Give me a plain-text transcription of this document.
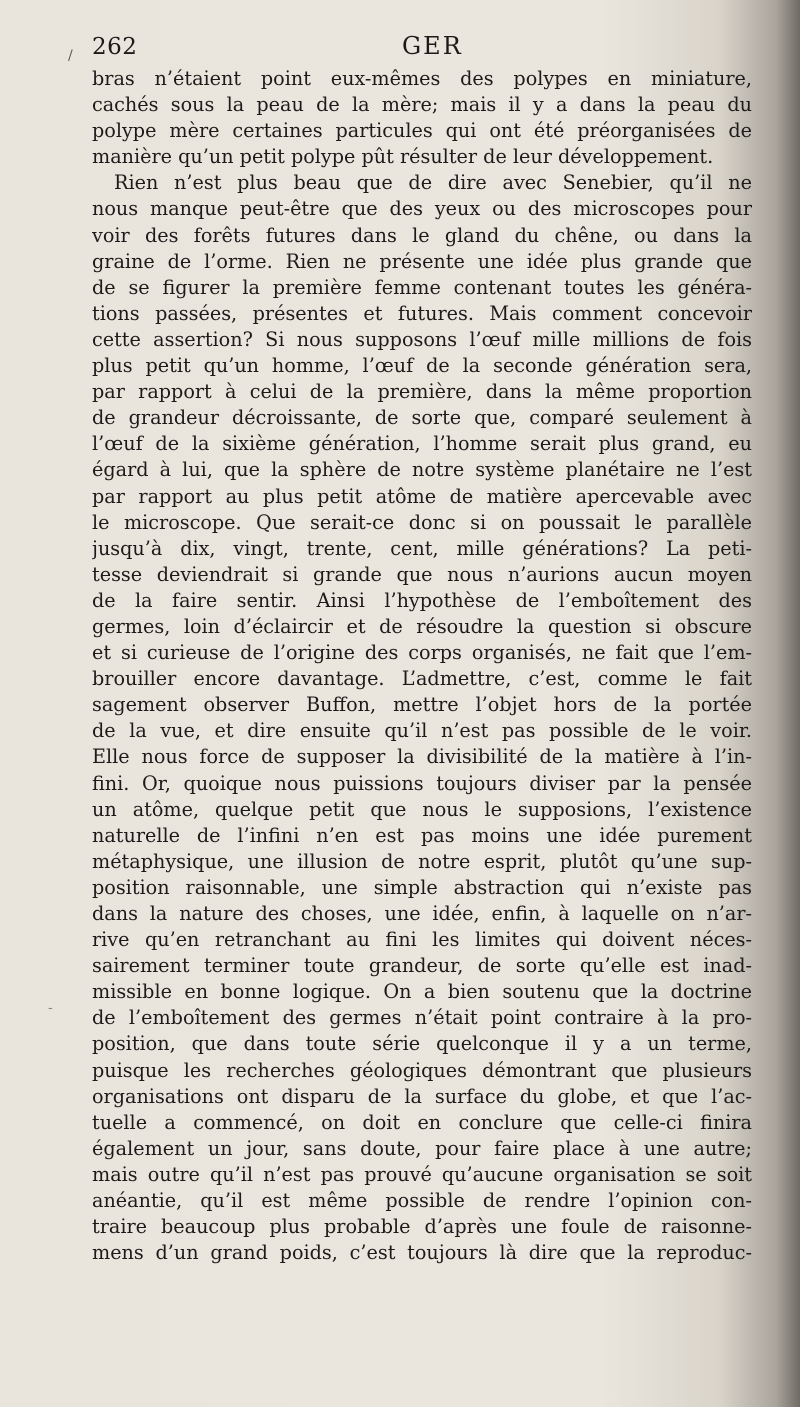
/ 262	GER
bras n’étaient point eux-mêmes des polypes en miniature,
cachés sous la peau de la mère; mais il y a dans la peau du
polype mère certaines particules qui ont été préorganisées de
manière qu’un petit polype pût résulter de leur développement.
Rien n’est plus beau que de dire avec Senebier, qu’il ne
nous manque peut-être que des yeux ou des microscopes pour
voir des forêts futures dans le gland du chêne, ou dans la
graine de l’orme. Rien ne présente une idée plus grande que
de se figurer la première femme contenant toutes les généra-
tions passées, présentes et futures. Mais comment concevoir
cette assertion? Si nous supposons l’œuf mille millions de fois
plus petit qu’un homme, l’œuf de la seconde génération sera,
par rapport à celui de la première, dans la même proportion
de grandeur décroissante, de sorte que, comparé seulement à
l’œuf de la sixième génération, l’homme serait plus grand, eu
égard à lui, que la sphère de notre système planétaire ne l’est
par rapport au plus petit atôme de matière apercevable avec
le microscope. Que serait-ce donc si on poussait le parallèle
jusqu’à dix, vingt, trente, cent, mille générations? La peti-
tesse deviendrait si grande que nous n’aurions aucun moyen
de la faire sentir. Ainsi l’hypothèse de l’emboîtement des
germes, loin d’éclaircir et de résoudre la question si obscure
et si curieuse de l’origine des corps organisés, ne fait que l’em-
brouiller encore davantage. L’admettre, c’est, comme le fait
sagement observer Buffon, mettre l’objet hors de la portée
de la vue, et dire ensuite qu’il n’est pas possible de le voir.
Elle nous force de supposer la divisibilité de la matière à l’in-
fini. Or, quoique nous puissions toujours diviser par la pensée
un atôme, quelque petit que nous le supposions, l’existence
naturelle de l’infini n’en est pas moins une idée purement
métaphysique, une illusion de notre esprit, plutôt qu’une sup-
position raisonnable, une simple abstraction qui n’existe pas
dans la nature des choses, une idée, enfin, à laquelle on n’ar-
rive qu’en retranchant au fini les limites qui doivent néces-
sairement terminer toute grandeur, de sorte qu’elle est inad-
missible en bonne logique. On a bien soutenu que la doctrine
de l’emboîtement des germes n’était point contraire à la pro-
position, que dans toute série quelconque il y a un terme,
puisque les recherches géologiques démontrant que plusieurs
organisations ont disparu de la surface du globe, et que l’ac-
tuelle a commencé, on doit en conclure que celle-ci finira
également un jour, sans doute, pour faire place à une autre;
mais outre qu’il n’est pas prouvé qu’aucune organisation se soit
anéantie, qu’il est même possible de rendre l’opinion con-
traire beaucoup plus probable d’après une foule de raisonne-
mens d’un grand poids, c’est toujours là dire que la reproduc-
-
